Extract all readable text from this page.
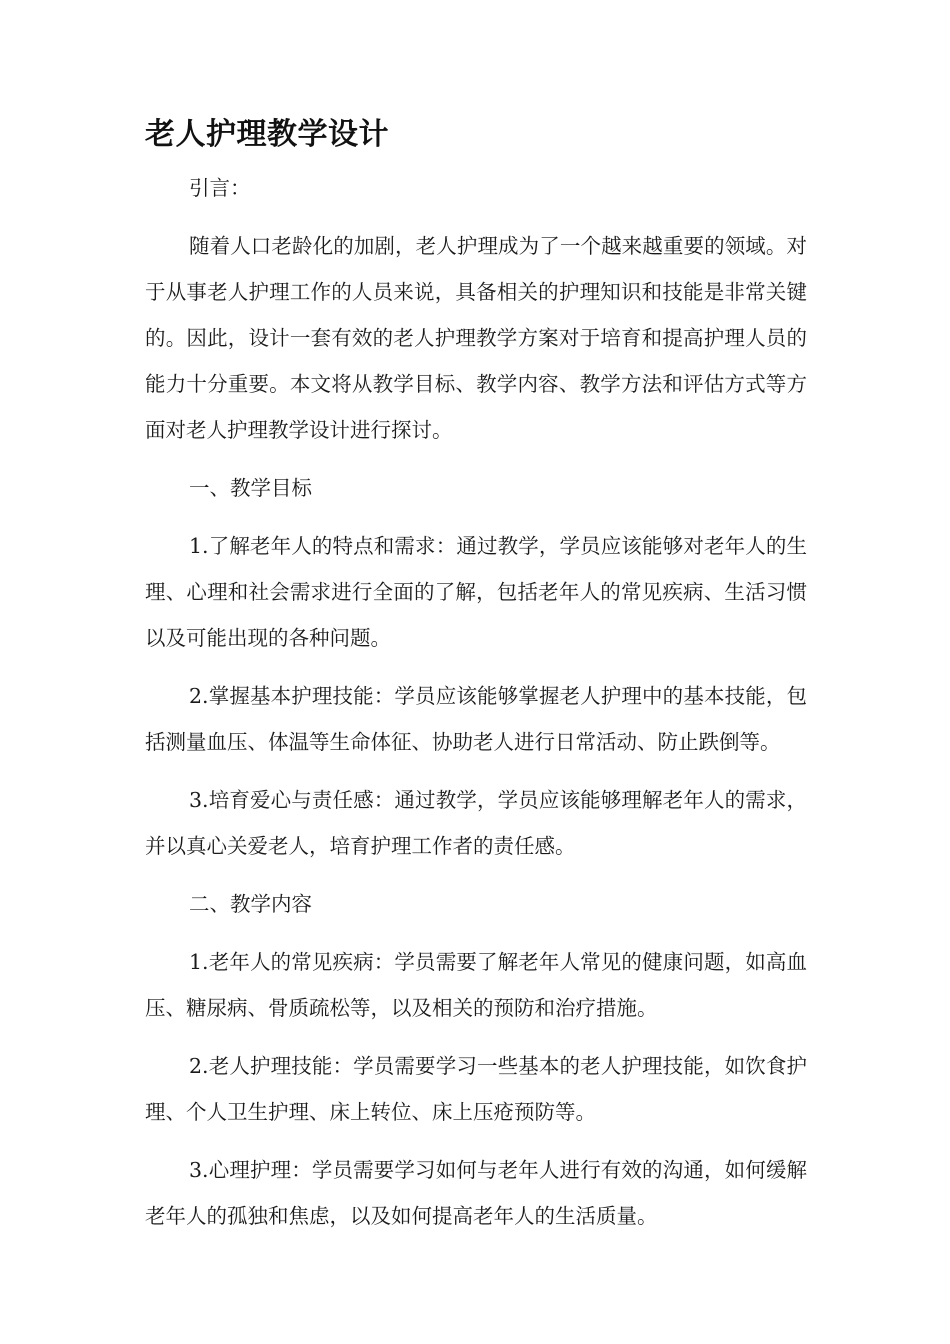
老人护理教学设计

引言：

随着人口老龄化的加剧，老人护理成为了一个越来越重要的领域。对于从事老人护理工作的人员来说，具备相关的护理知识和技能是非常关键的。因此，设计一套有效的老人护理教学方案对于培育和提高护理人员的能力十分重要。本文将从教学目标、教学内容、教学方法和评估方式等方面对老人护理教学设计进行探讨。

一、教学目标

1.了解老年人的特点和需求：通过教学，学员应该能够对老年人的生理、心理和社会需求进行全面的了解，包括老年人的常见疾病、生活习惯以及可能出现的各种问题。

2.掌握基本护理技能：学员应该能够掌握老人护理中的基本技能，包括测量血压、体温等生命体征、协助老人进行日常活动、防止跌倒等。

3.培育爱心与责任感：通过教学，学员应该能够理解老年人的需求，并以真心关爱老人，培育护理工作者的责任感。

二、教学内容

1.老年人的常见疾病：学员需要了解老年人常见的健康问题，如高血压、糖尿病、骨质疏松等，以及相关的预防和治疗措施。

2.老人护理技能：学员需要学习一些基本的老人护理技能，如饮食护理、个人卫生护理、床上转位、床上压疮预防等。

3.心理护理：学员需要学习如何与老年人进行有效的沟通，如何缓解老年人的孤独和焦虑，以及如何提高老年人的生活质量。
